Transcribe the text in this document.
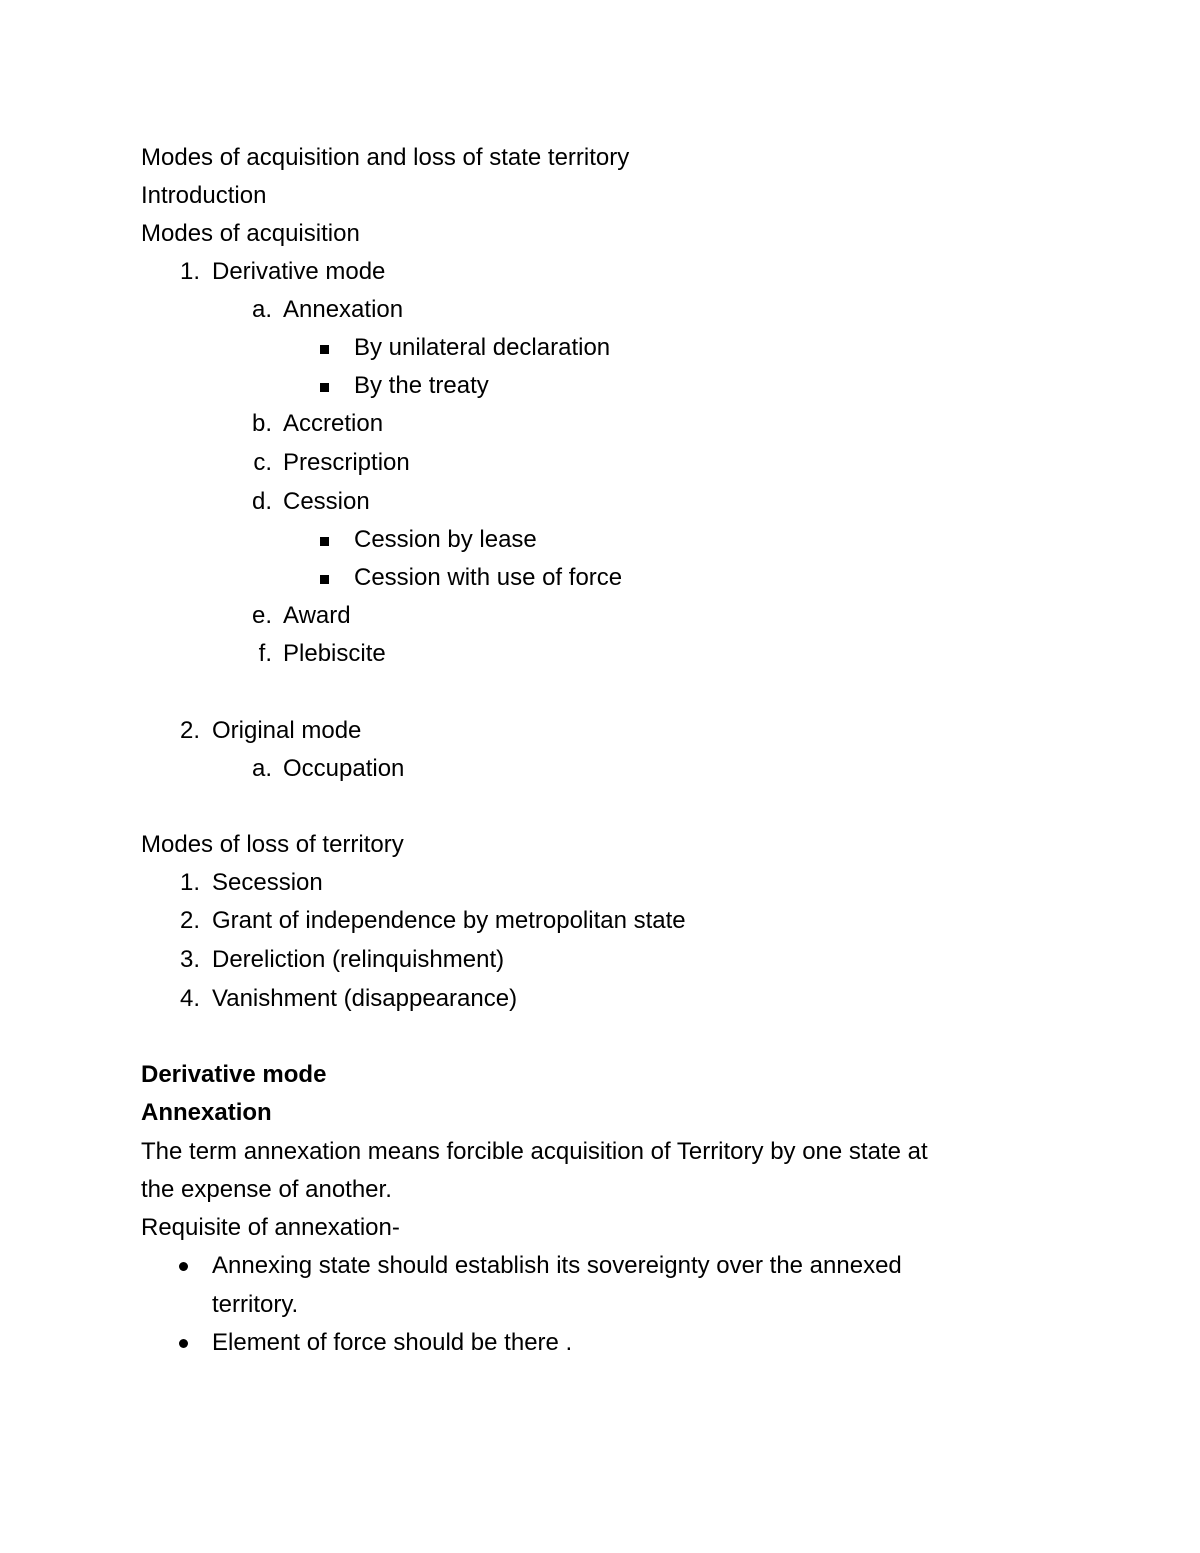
Modes of acquisition and loss of state territory
Introduction
Modes of acquisition
1. Derivative mode
a. Annexation
By unilateral declaration
By the treaty
b. Accretion
c. Prescription
d. Cession
Cession by lease
Cession with use of force
e. Award
f. Plebiscite
2. Original mode
a. Occupation
Modes of loss of territory
1. Secession
2. Grant of independence by metropolitan state
3. Dereliction (relinquishment)
4. Vanishment (disappearance)
Derivative mode
Annexation
The term annexation means forcible acquisition of Territory by one state at
the expense of another.
Requisite of annexation-
Annexing state should establish its sovereignty over the annexed
territory.
Element of force should be there .
